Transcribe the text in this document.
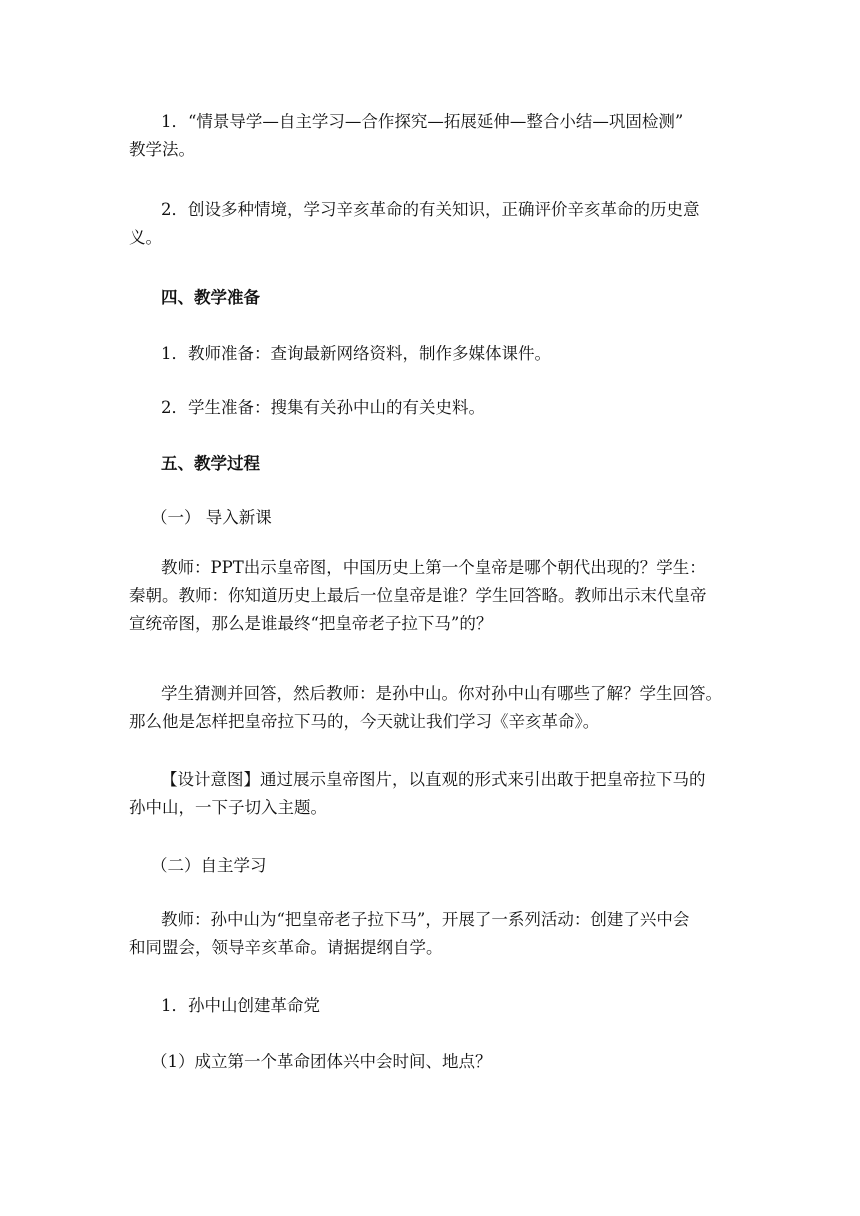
1．“情景导学—自主学习—合作探究—拓展延伸—整合小结—巩固检测”
教学法。

2．创设多种情境，学习辛亥革命的有关知识，正确评价辛亥革命的历史意
义。

四、教学准备

1．教师准备：查询最新网络资料，制作多媒体课件。

2．学生准备：搜集有关孙中山的有关史料。

五、教学过程

（一） 导入新课

教师：PPT出示皇帝图，中国历史上第一个皇帝是哪个朝代出现的？学生：
秦朝。教师：你知道历史上最后一位皇帝是谁？学生回答略。教师出示末代皇帝
宣统帝图，那么是谁最终“把皇帝老子拉下马”的？

学生猜测并回答，然后教师：是孙中山。你对孙中山有哪些了解？学生回答。
那么他是怎样把皇帝拉下马的，今天就让我们学习《辛亥革命》。

【设计意图】通过展示皇帝图片，以直观的形式来引出敢于把皇帝拉下马的
孙中山，一下子切入主题。

（二）自主学习

教师：孙中山为“把皇帝老子拉下马”，开展了一系列活动：创建了兴中会
和同盟会，领导辛亥革命。请据提纲自学。

1．孙中山创建革命党

（1）成立第一个革命团体兴中会时间、地点？
